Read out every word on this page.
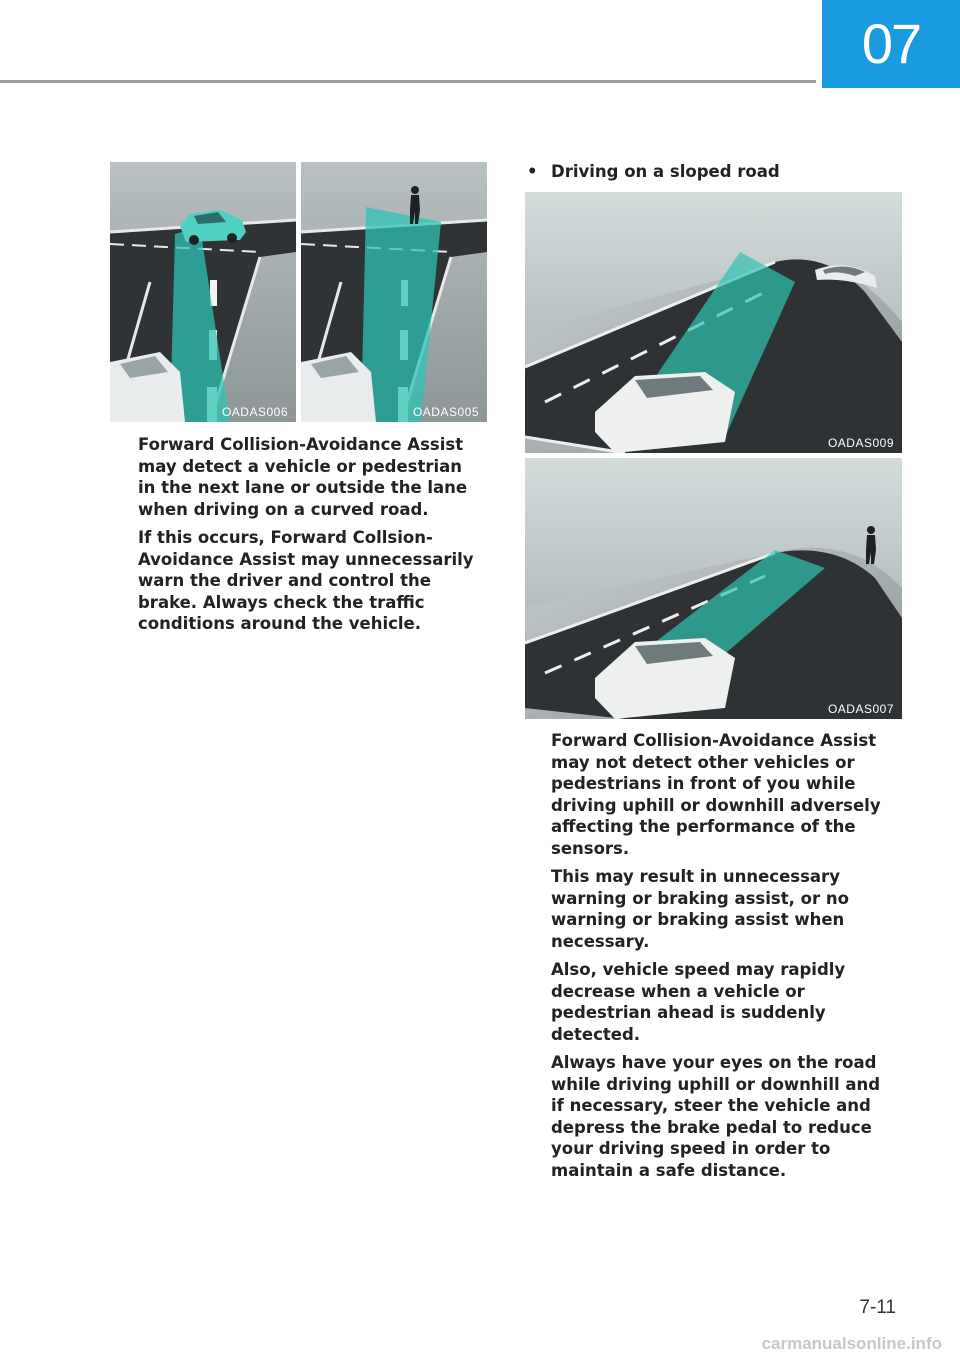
07
OADAS006	OADAS005

Forward Collision-Avoidance Assist may detect a vehicle or pedestrian in the next lane or outside the lane when driving on a curved road.

If this occurs, Forward Collsion-Avoidance Assist may unnecessarily warn the driver and control the brake. Always check the traffic conditions around the vehicle.

• Driving on a sloped road
OADAS009
OADAS007

Forward Collision-Avoidance Assist may not detect other vehicles or pedestrians in front of you while driving uphill or downhill adversely affecting the performance of the sensors.

This may result in unnecessary warning or braking assist, or no warning or braking assist when necessary.

Also, vehicle speed may rapidly decrease when a vehicle or pedestrian ahead is suddenly detected.

Always have your eyes on the road while driving uphill or downhill and if necessary, steer the vehicle and depress the brake pedal to reduce your driving speed in order to maintain a safe distance.

7-11
carmanualsonline.info
